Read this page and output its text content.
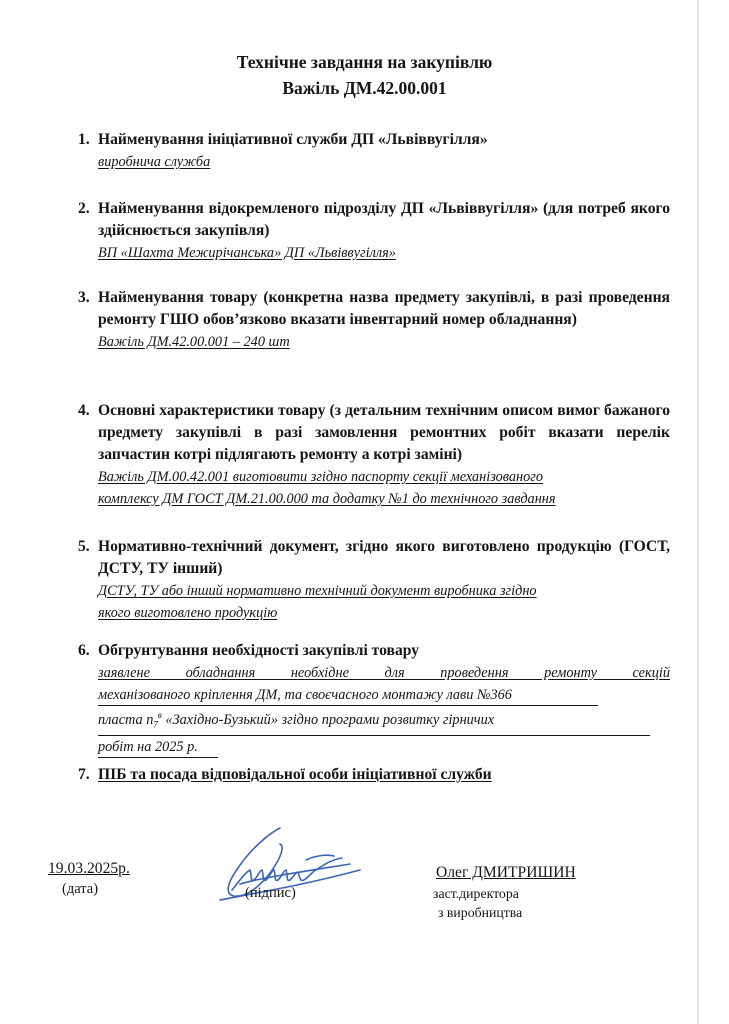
Технічне завдання на закупівлю
Важіль ДМ.42.00.001
1. Найменування ініціативної служби ДП «Львіввугілля»
виробнича служба
2. Найменування відокремленого підрозділу ДП «Львіввугілля» (для потреб якого здійснюється закупівля)
ВП «Шахта Межирічанська» ДП «Львіввугілля»
3. Найменування товару (конкретна назва предмету закупівлі, в разі проведення ремонту ГШО обов’язково вказати інвентарний номер обладнання)
Важіль ДМ.42.00.001 – 240 шт
4. Основні характеристики товару (з детальним технічним описом вимог бажаного предмету закупівлі в разі замовлення ремонтних робіт вказати перелік запчастин котрі підлягають ремонту а котрі заміні)
Важіль ДМ.00.42.001 виготовити згідно паспорту секції механізованого
комплексу ДМ ГОСТ ДМ.21.00.000 та додатку №1 до технічного завдання
5. Нормативно-технічний документ, згідно якого виготовлено продукцію (ГОСТ, ДСТУ, ТУ інший)
ДСТУ, ТУ або інший нормативно технічний документ виробника згідно
якого виготовлено продукцію
6. Обгрунтування необхідності закупівлі товару
заявлене обладнання необхідне для проведення ремонту секцій
механізованого кріплення ДМ, та своєчасного монтажу лави №366
пласта $n_7^в$ «Західно-Бузький» згідно програми розвитку гірничих
робіт на 2025 р.
7. ПІБ та посада відповідальної особи ініціативної служби
19.03.2025р.
(дата)	(підпис)
Олег ДМИТРИШИН
заст.директора
з виробництва
